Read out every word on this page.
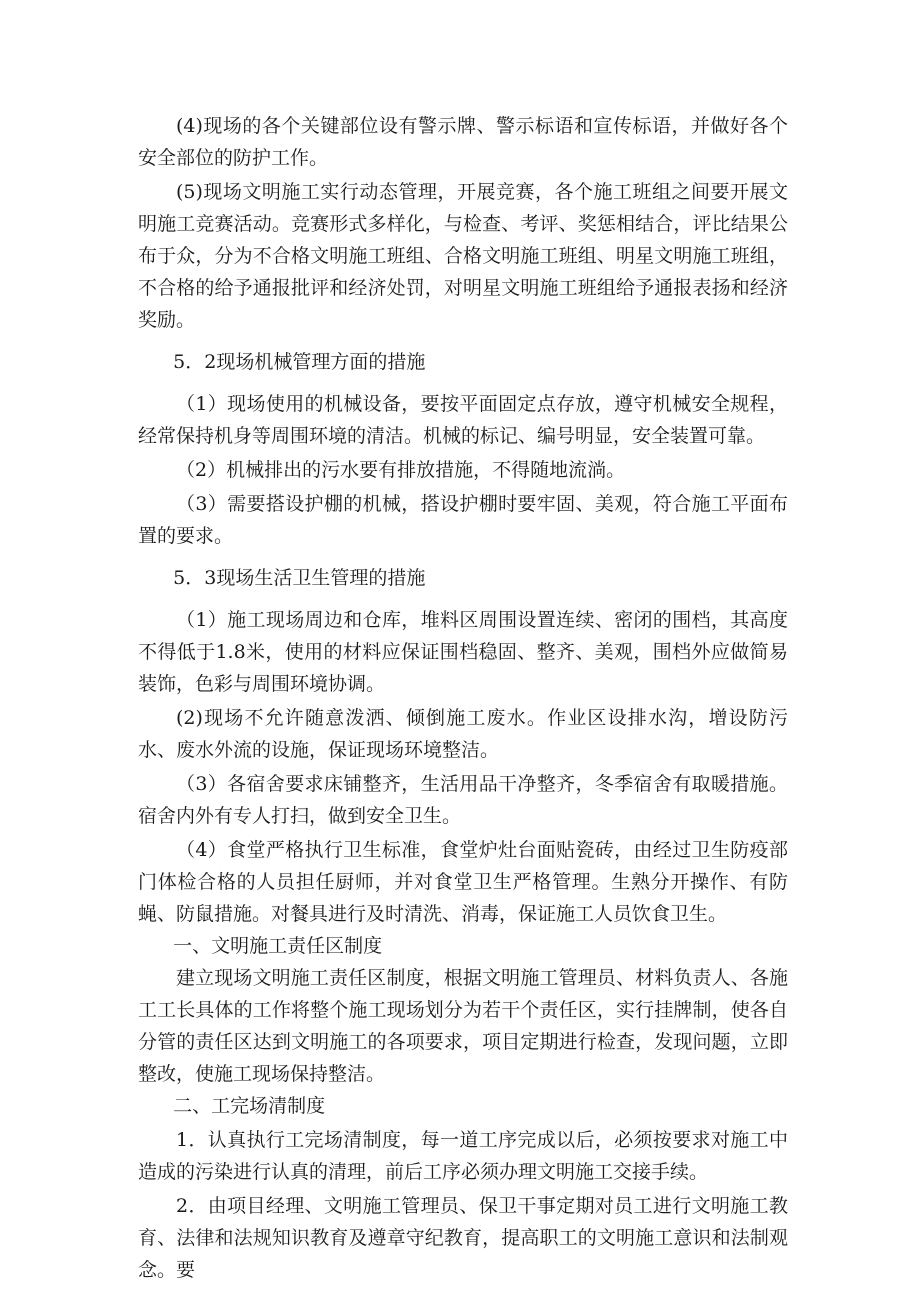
(4)现场的各个关键部位设有警示牌、警示标语和宣传标语，并做好各个安全部位的防护工作。

(5)现场文明施工实行动态管理，开展竞赛，各个施工班组之间要开展文明施工竞赛活动。竞赛形式多样化，与检查、考评、奖惩相结合，评比结果公布于众，分为不合格文明施工班组、合格文明施工班组、明星文明施工班组，不合格的给予通报批评和经济处罚，对明星文明施工班组给予通报表扬和经济奖励。

5．2现场机械管理方面的措施

（1）现场使用的机械设备，要按平面固定点存放，遵守机械安全规程，经常保持机身等周围环境的清洁。机械的标记、编号明显，安全装置可靠。

（2）机械排出的污水要有排放措施，不得随地流淌。

（3）需要搭设护棚的机械，搭设护棚时要牢固、美观，符合施工平面布置的要求。

5．3现场生活卫生管理的措施

（1）施工现场周边和仓库，堆料区周围设置连续、密闭的围档，其高度不得低于1.8米，使用的材料应保证围档稳固、整齐、美观，围档外应做简易装饰，色彩与周围环境协调。

(2)现场不允许随意泼洒、倾倒施工废水。作业区设排水沟，增设防污水、废水外流的设施，保证现场环境整洁。

（3）各宿舍要求床铺整齐，生活用品干净整齐，冬季宿舍有取暖措施。宿舍内外有专人打扫，做到安全卫生。

（4）食堂严格执行卫生标准，食堂炉灶台面贴瓷砖，由经过卫生防疫部门体检合格的人员担任厨师，并对食堂卫生严格管理。生熟分开操作、有防蝇、防鼠措施。对餐具进行及时清洗、消毒，保证施工人员饮食卫生。

一、文明施工责任区制度

建立现场文明施工责任区制度，根据文明施工管理员、材料负责人、各施工工长具体的工作将整个施工现场划分为若干个责任区，实行挂牌制，使各自分管的责任区达到文明施工的各项要求，项目定期进行检查，发现问题，立即整改，使施工现场保持整洁。

二、工完场清制度

1．认真执行工完场清制度，每一道工序完成以后，必须按要求对施工中造成的污染进行认真的清理，前后工序必须办理文明施工交接手续。

2．由项目经理、文明施工管理员、保卫干事定期对员工进行文明施工教育、法律和法规知识教育及遵章守纪教育，提高职工的文明施工意识和法制观念。要
